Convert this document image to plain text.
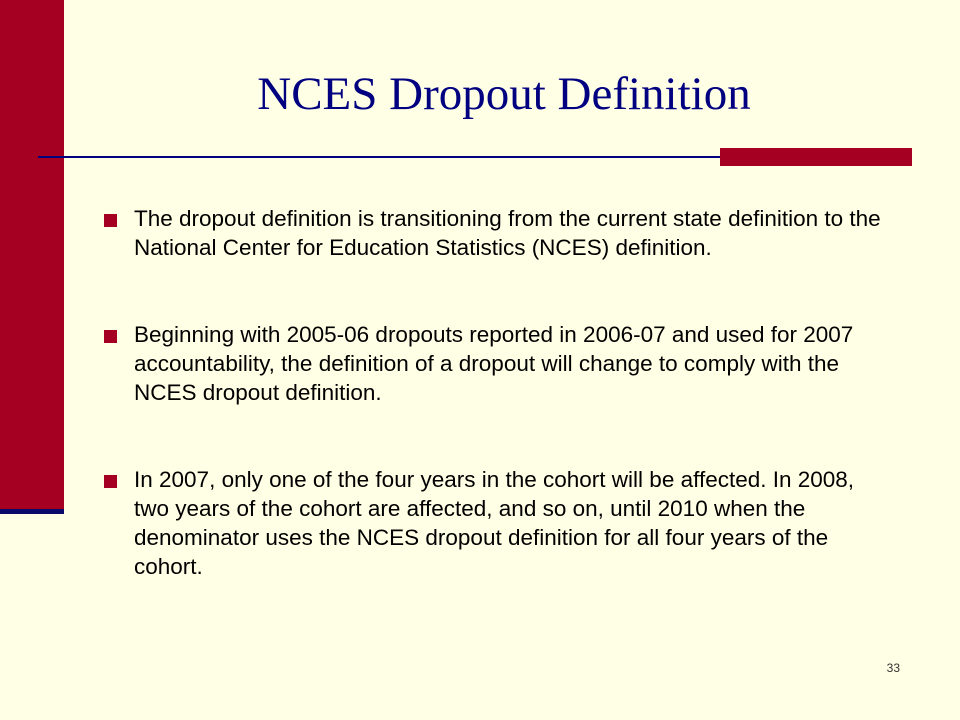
NCES Dropout Definition
The dropout definition is transitioning from the current state definition to the National Center for Education Statistics (NCES) definition.
Beginning with 2005-06 dropouts reported in 2006-07 and used for 2007 accountability, the definition of a dropout will change to comply with the NCES dropout definition.
In 2007, only one of the four years in the cohort will be affected. In 2008, two years of the cohort are affected, and so on, until 2010 when the denominator uses the NCES dropout definition for all four years of the cohort.
33
